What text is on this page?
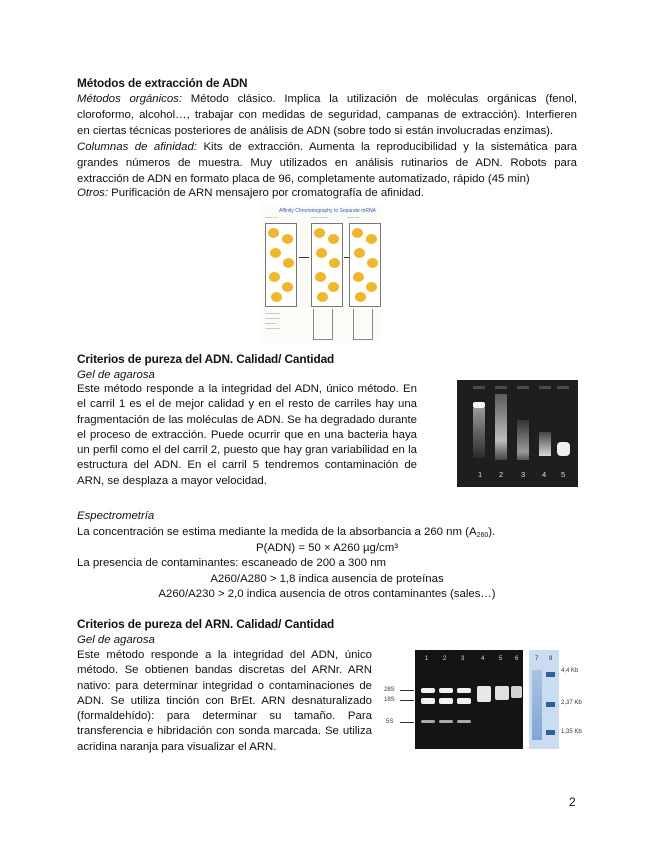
Métodos de extracción de ADN
Métodos orgánicos: Método clásico. Implica la utilización de moléculas orgánicas (fenol,
cloroformo, alcohol…, trabajar con medidas de seguridad, campanas de extracción). Interfieren
en ciertas técnicas posteriores de análisis de ADN (sobre todo si están involucradas enzimas).
Columnas de afinidad: Kits de extracción. Aumenta la reproducibilidad y la sistemática para
grandes números de muestra. Muy utilizados en análisis rutinarios de ADN. Robots para
extracción de ADN en formato placa de 96, completamente automatizado, rápido (45 min)
Otros: Purificación de ARN mensajero por cromatografía de afinidad.
Affinity Chromatography to Separate mRNA
—— —	—— ——	—— —
————
————
———
————
Criterios de pureza del ADN. Calidad/ Cantidad
Gel de agarosa
Este método responde a la integridad del ADN, único método. En el carril 1 es el de mejor calidad y en el resto de carriles hay una fragmentación de las moléculas de ADN. Se ha degradado durante el proceso de extracción. Puede ocurrir que en una bacteria haya un perfil como el del carril 2, puesto que hay gran variabilidad en la estructura del ADN. En el carril 5 tendremos contaminación de ARN, se desplaza a mayor velocidad.
1 2 3 4 5
Espectrometría
La concentración se estima mediante la medida de la absorbancia a 260 nm $(A_{260})$.
P(ADN) = 50 × A260 µg/cm³
La presencia de contaminantes: escaneado de 200 a 300 nm
A260/A280 > 1,8 indica ausencia de proteínas
A260/A230 > 2,0 indica ausencia de otros contaminantes (sales…)
Criterios de pureza del ARN. Calidad/ Cantidad
Gel de agarosa
Este método responde a la integridad del ADN, único método. Se obtienen bandas discretas del ARNr. ARN nativo: para determinar integridad o contaminaciones de ADN. Se utiliza tinción con BrEt. ARN desnaturalizado (formaldehído): para determinar su tamaño. Para transferencia e hibridación con sonda marcada. Se utiliza acridina naranja para visualizar el ARN.
28S
18S
5S
1 2 3	4 5 6	7 8
4,4 Kb
2,37 Kb
1,35 Kb
2
